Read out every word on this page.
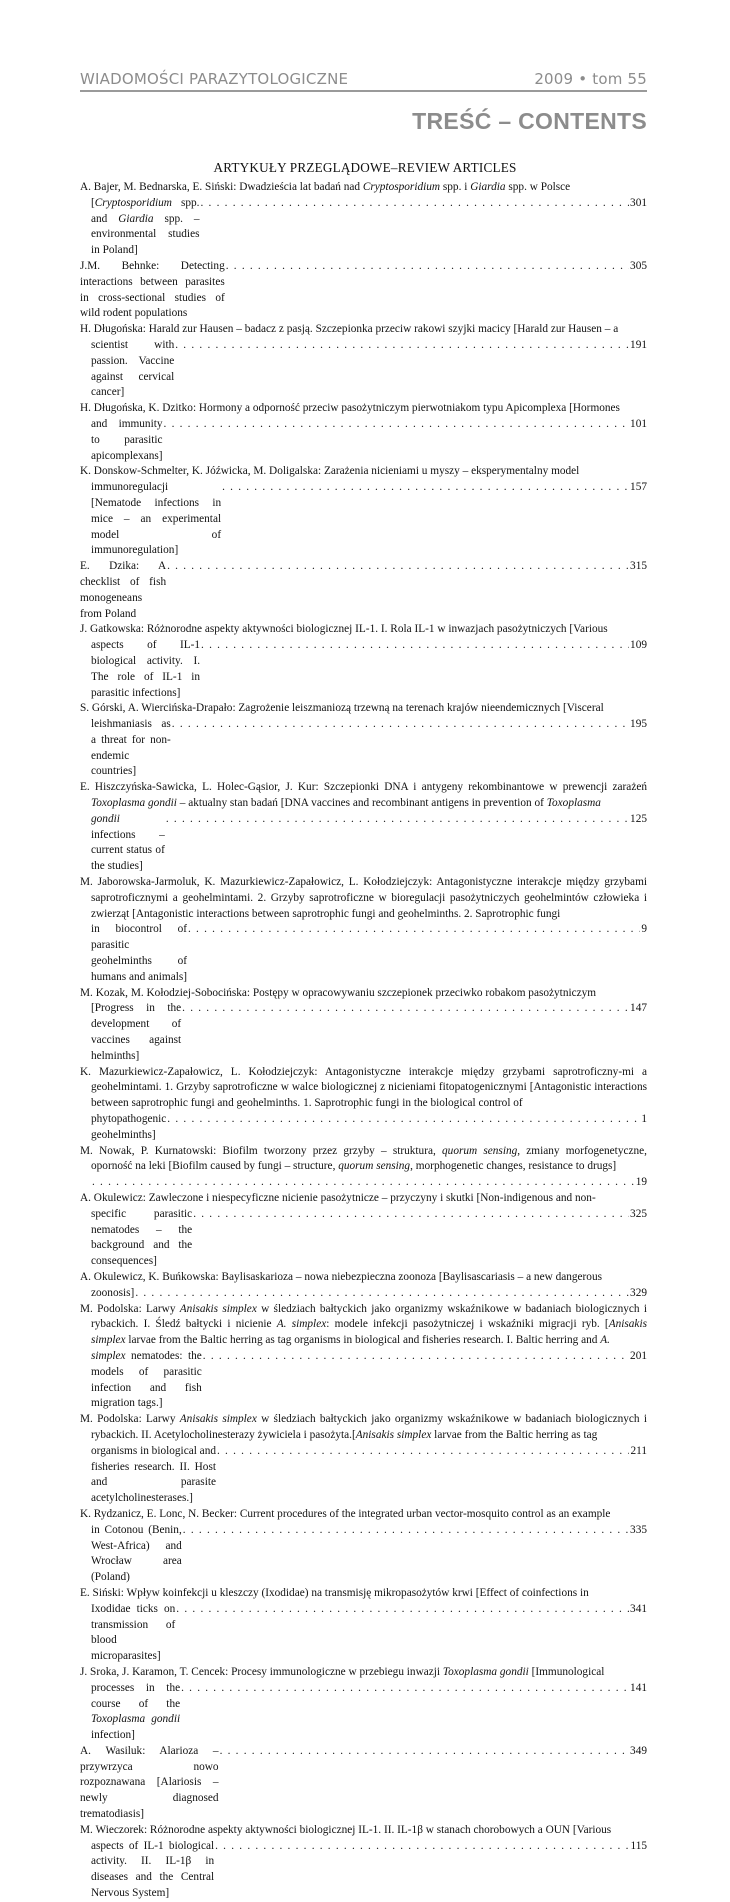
WIADOMOŚCI PARAZYTOLOGICZNE	2009 • tom 55
TREŚĆ – CONTENTS
ARTYKUŁY PRZEGLĄDOWE–REVIEW ARTICLES
A. Bajer, M. Bednarska, E. Siński: Dwadzieścia lat badań nad Cryptosporidium spp. i Giardia spp. w Polsce
[Cryptosporidium spp. and Giardia spp. – environmental studies in Poland]
. . .
301
J.M. Behnke: Detecting interactions between parasites in cross-sectional studies of wild rodent populations
. . .
305
H. Długońska: Harald zur Hausen – badacz z pasją. Szczepionka przeciw rakowi szyjki macicy [Harald zur Hausen – a
scientist with passion. Vaccine against cervical cancer]
. . .
191
H. Długońska, K. Dzitko: Hormony a odporność przeciw pasożytniczym pierwotniakom typu Apicomplexa [Hormones
and immunity to parasitic apicomplexans]
. . .
101
K. Donskow-Schmelter, K. Jóźwicka, M. Doligalska: Zarażenia nicieniami u myszy – eksperymentalny model
immunoregulacji [Nematode infections in mice – an experimental model of immunoregulation]
. . .
157
E. Dzika: A checklist of fish monogeneans from Poland
. . .
315
J. Gatkowska: Różnorodne aspekty aktywności biologicznej IL-1. I. Rola IL-1 w inwazjach pasożytniczych [Various
aspects of IL-1 biological activity. I. The role of IL-1 in parasitic infections]
. . .
109
S. Górski, A. Wiercińska-Drapało: Zagrożenie leiszmaniozą trzewną na terenach krajów nieendemicznych [Visceral
leishmaniasis as a threat for non-endemic countries]
. . .
195
E. Hiszczyńska-Sawicka, L. Holec-Gąsior, J. Kur: Szczepionki DNA i antygeny rekombinantowe w prewencji zarażeń Toxoplasma gondii – aktualny stan badań [DNA vaccines and recombinant antigens in prevention of Toxoplasma
gondii infections – current status of the studies]
. . .
125
M. Jaborowska-Jarmoluk, K. Mazurkiewicz-Zapałowicz, L. Kołodziejczyk: Antagonistyczne interakcje między grzybami saprotroficznymi a geohelmintami. 2. Grzyby saprotroficzne w bioregulacji pasożytniczych geohelmintów człowieka i zwierząt [Antagonistic interactions between saprotrophic fungi and geohelminths. 2. Saprotrophic fungi
in biocontrol of parasitic geohelminths of humans and animals]
. . .
9
M. Kozak, M. Kołodziej-Sobocińska: Postępy w opracowywaniu szczepionek przeciwko robakom pasożytniczym
[Progress in the development of vaccines against helminths]
. . .
147
K. Mazurkiewicz-Zapałowicz, L. Kołodziejczyk: Antagonistyczne interakcje między grzybami saprotroficzny-mi a geohelmintami. 1. Grzyby saprotroficzne w walce biologicznej z nicieniami fitopatogenicznymi [Antagonistic interactions between saprotrophic fungi and geohelminths. 1. Saprotrophic fungi in the biological control of
phytopathogenic geohelminths]
. . .
1
M. Nowak, P. Kurnatowski: Biofilm tworzony przez grzyby – struktura, quorum sensing, zmiany morfogenetyczne, oporność na leki [Biofilm caused by fungi – structure, quorum sensing, morphogenetic changes, resistance to drugs]
. . .
19
A. Okulewicz: Zawleczone i niespecyficzne nicienie pasożytnicze – przyczyny i skutki [Non-indigenous and non-
specific parasitic nematodes – the background and the consequences]
. . .
325
A. Okulewicz, K. Buńkowska: Baylisaskarioza – nowa niebezpieczna zoonoza [Baylisascariasis – a new dangerous
zoonosis]
. . .	329
M. Podolska: Larwy Anisakis simplex w śledziach bałtyckich jako organizmy wskaźnikowe w badaniach biologicznych i rybackich. I. Śledź bałtycki i nicienie A. simplex: modele infekcji pasożytniczej i wskaźniki migracji ryb. [Anisakis simplex larvae from the Baltic herring as tag organisms in biological and fisheries research. I. Baltic herring and A.
simplex nematodes: the models of parasitic infection and fish migration tags.]
. . .
201
M. Podolska: Larwy Anisakis simplex w śledziach bałtyckich jako organizmy wskaźnikowe w badaniach biologicznych i rybackich. II. Acetylocholinesterazy żywiciela i pasożyta.[Anisakis simplex larvae from the Baltic herring as tag
organisms in biological and fisheries research. II. Host and parasite acetylcholinesterases.]
. . .
211
K. Rydzanicz, E. Lonc, N. Becker: Current procedures of the integrated urban vector-mosquito control as an example
in Cotonou (Benin, West-Africa) and Wrocław area (Poland)
. . .
335
E. Siński: Wpływ koinfekcji u kleszczy (Ixodidae) na transmisję mikropasożytów krwi [Effect of coinfections in
Ixodidae ticks on transmission of blood microparasites]
. . .
341
J. Sroka, J. Karamon, T. Cencek: Procesy immunologiczne w przebiegu inwazji Toxoplasma gondii [Immunological
processes in the course of the Toxoplasma gondii infection]
. . .
141
A. Wasiluk: Alarioza – przywrzyca nowo rozpoznawana [Alariosis – newly diagnosed trematodiasis]
. . .
349
M. Wieczorek: Różnorodne aspekty aktywności biologicznej IL-1. II. IL-1β w stanach chorobowych a OUN [Various
aspects of IL-1 biological activity. II. IL-1β in diseases and the Central Nervous System]
. . .
115
